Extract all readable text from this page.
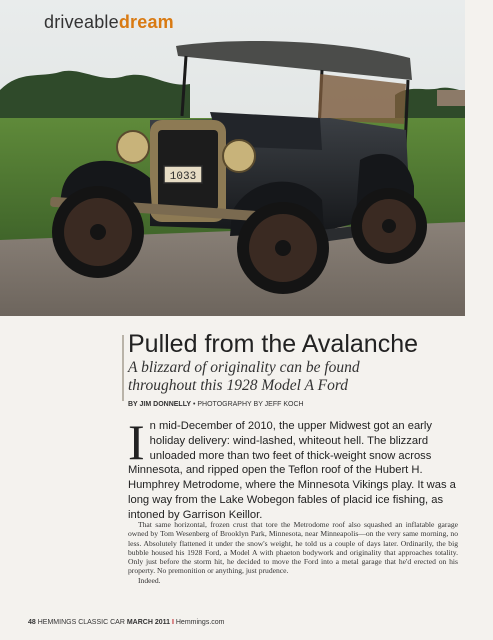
1033
driveabledream
Pulled from the Avalanche

A blizzard of originality can be found throughout this 1928 Model A Ford

BY JIM DONNELLY • PHOTOGRAPHY BY JEFF KOCH

In mid-December of 2010, the upper Midwest got an early holiday delivery: wind-lashed, whiteout hell. The blizzard unloaded more than two feet of thick-weight snow across Minnesota, and ripped open the Teflon roof of the Hubert H. Humphrey Metrodome, where the Minnesota Vikings play. It was a long way from the Lake Wobegon fables of placid ice fishing, as intoned by Garrison Keillor.

That same horizontal, frozen crust that tore the Metrodome roof also squashed an inflatable garage owned by Tom Wesenberg of Brooklyn Park, Minnesota, near Minneapolis—on the very same morning, no less. Absolutely flattened it under the snow's weight, he told us a couple of days later. Ordinarily, the big bubble housed his 1928 Ford, a Model A with phaeton bodywork and originality that approaches totality. Only just before the storm hit, he decided to move the Ford into a metal garage that he'd erected on his property. No premonition or anything, just prudence.

Indeed.

48 HEMMINGS CLASSIC CAR MARCH 2011 I Hemmings.com
